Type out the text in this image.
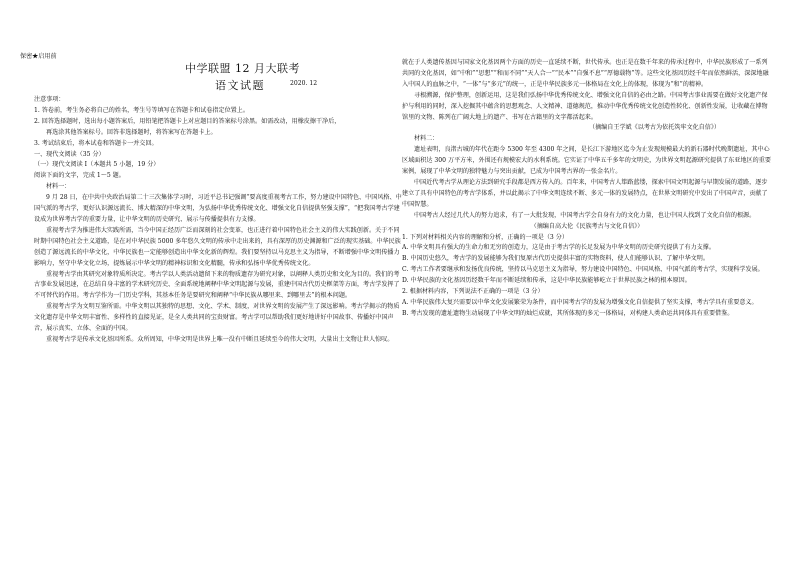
保密★启用前
中学联盟 12 月大联考
语文试题	2020. 12

注意事项：

1. 答卷前，考生务必将自己的姓名，考生号等填写在答题卡和试卷指定位置上。

2. 回答选择题时，选出每小题答案后，用铅笔把答题卡上对应题目的答案标号涂黑。如需改动，用橡皮擦干净后，

再选涂其他答案标号。回答非选择题时，将答案写在答题卡上。

3. 考试结束后，将本试卷和答题卡一并交回。

一、现代文阅读（35 分）

（一）现代文阅读 I（本题共 5 小题，19 分）

阅读下面的文字，完成 1～5 题。

材料一：

9 月 28 日，在中共中央政治局第二十三次集体学习时，习近平总书记强调“要高度重视考古工作，努力建设中国特色、中国风格、中国气派的考古学，更好认识源远流长、博大精深的中华文明，为弘扬中华优秀传统文化、增强文化自信提供坚强支撑”，“把我国考古学建设成为世界考古学的重要力量，让中华文明的历史研究、展示与传播提供有力支撑。

重视考古学为推进伟大实践所需，当今中国正经历广泛而深刻的社会变革，也正进行着中国特色社会主义的伟大实践创新。关于不同时期中国特色社会主义道路，是在对中华民族 5000 多年悠久文明的传承中走出来的，具有深厚的历史渊源和广泛的现实基础。中华民族创造了源远流长的中华文化，中华民族也一定能够创造出中华文化新的辉煌。我们要坚持以马克思主义为指导，不断增强中华文明传播力影响力，坚守中华文化立场，提炼展示中华文明的精神标识和文化精髓，传承和弘扬中华优秀传统文化。

重视考古学由其研究对象特质所决定。考古学以人类活动遗留下来的物质遗存为研究对象，以阐释人类历史和文化为目的。我们的考古事业发展迅速，在总结自身丰富的学术研究历史、全面系统地阐释中华文明起源与发展，重建中国古代历史框架等方面，考古学发挥了不可替代的作用。考古学作为一门历史学科，其基本任务是要研究和阐释“中华民族从哪里来、到哪里去”的根本问题。

重视考古学为文明互鉴所需。中华文明以其独特的思想、文化、学术、制度，对世界文明的发展产生了深远影响。考古学揭示的物质文化遗存是中华文明丰富性、多样性的直接见证，是全人类共同的宝贵财富。考古学可以帮助我们更好地讲好中国故事、传播好中国声音，展示真实、立体、全面的中国。

重视考古学是传承文化基因所系。众所周知，中华文明是世界上唯一没有中断且延续至今的伟大文明，大量出土文物让世人惊叹。

就在于人类遗传基因与国家文化基因两个方面的历史一直延续不断，世代传承。也正是在数千年来的传承过程中，中华民族形成了一系列共同的文化基因，如“中和”“思想”“和而不同”“天人合一”“民本”“自强不息”“厚德载物”等。这些文化基因历经千年而依然鲜活，深深地融入中国人的血脉之中，“一体”与“多元”的统一，正是中华民族多元一体格局在文化上的体现，体现为“和”的精神。

寻根溯源，保护整理，创新运用，这是我们弘扬中华优秀传统文化、增强文化自信的必由之路。中国考古事业需要在做好文化遗产保护与利用的同时，深入挖掘其中蕴含的思想观念、人文精神、道德规范，推动中华优秀传统文化创造性转化、创新性发展，让收藏在博物馆里的文物、陈列在广阔大地上的遗产、书写在古籍里的文字都活起来。

（摘编自王学斌《以考古为依托筑牢文化自信》）

材料二：

遗址表明，良渚古城的年代在距今 5300 年至 4300 年之间，是长江下游地区迄今为止发现规模最大的新石器时代晚期遗址，其中心区域面积达 300 万平方米，外围还有规模宏大的水利系统。它实证了中华五千多年的文明史，为世界文明起源研究提供了东亚地区的重要案例，展现了中华文明的独特魅力与突出贡献，已成为中国考古界的一张金名片。

中国近代考古学从理论方法到研究手段都是西方传入的。百年来，中国考古人筚路蓝缕，探索中国文明起源与早期发展的道路，逐步建立了具有中国特色的考古学体系，并以此揭示了中华文明连续不断、多元一体的发展特点，在世界文明研究中发出了中国声音，贡献了中国智慧。

中国考古人经过几代人的努力追求，有了一大批发现，中国考古学会自身有力的文化力量，也让中国人找到了文化自信的根源。

（摘编自高大伦《民族考古与文化自信》）

1. 下列对材料相关内容的理解和分析，正确的一项是（3 分）

A. 中华文明具有强大的生命力和无穷的创造力，这是由于考古学的长足发展为中华文明的历史研究提供了有力支撑。

B. 中国历史悠久，考古学的发展能够为我们复原古代历史提供丰富的实物资料，使人们能够认识、了解中华文明。

C. 考古工作者要继承和发扬优良传统，坚持以马克思主义为指导，努力建设中国特色、中国风格、中国气派的考古学，实现科学发展。

D. 中华民族的文化基因历经数千年而不断延续和传承，这是中华民族能够屹立于世界民族之林的根本原因。

2. 根据材料内容，下列说法不正确的一项是（3 分）

A. 中华民族伟大复兴需要以中华文化发展繁荣为条件，而中国考古学的发展为增强文化自信提供了坚实支撑，考古学具有重要意义。

B. 考古发现的遗址遗物生动展现了中华文明的灿烂成就，其所体现的多元一体格局，对构建人类命运共同体具有重要借鉴。
